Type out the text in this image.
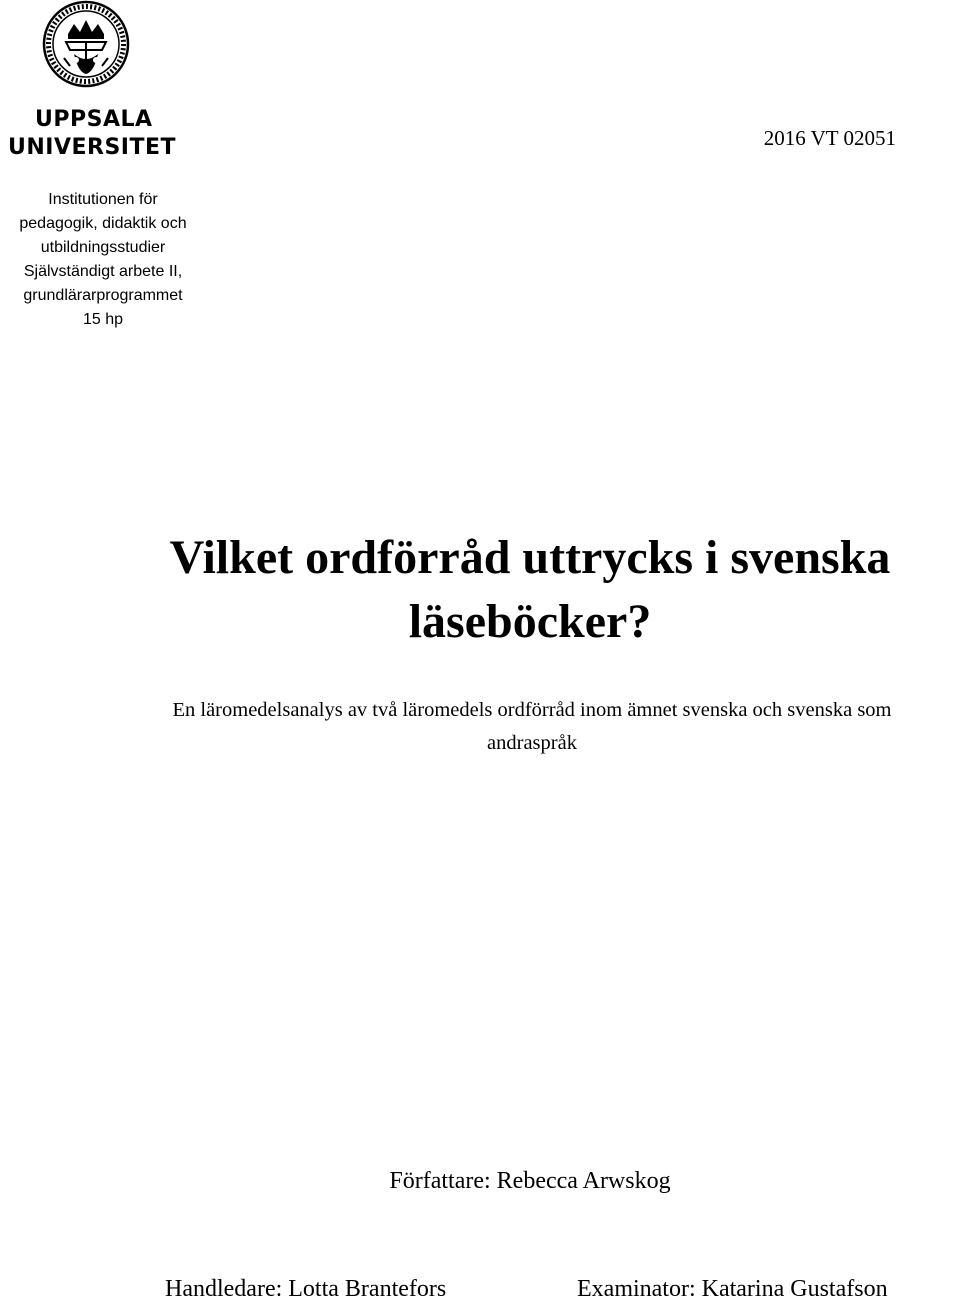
UPPSALA
UNIVERSITET	2016 VT 02051
Institutionen för
pedagogik, didaktik och
utbildningsstudier
Självständigt arbete II,
grundlärarprogrammet
15 hp
Vilket ordförråd uttrycks i svenska
läseböcker?
En läromedelsanalys av två läromedels ordförråd inom ämnet svenska och svenska som
andraspråk
Författare: Rebecca Arwskog
Handledare: Lotta Brantefors	Examinator: Katarina Gustafson
